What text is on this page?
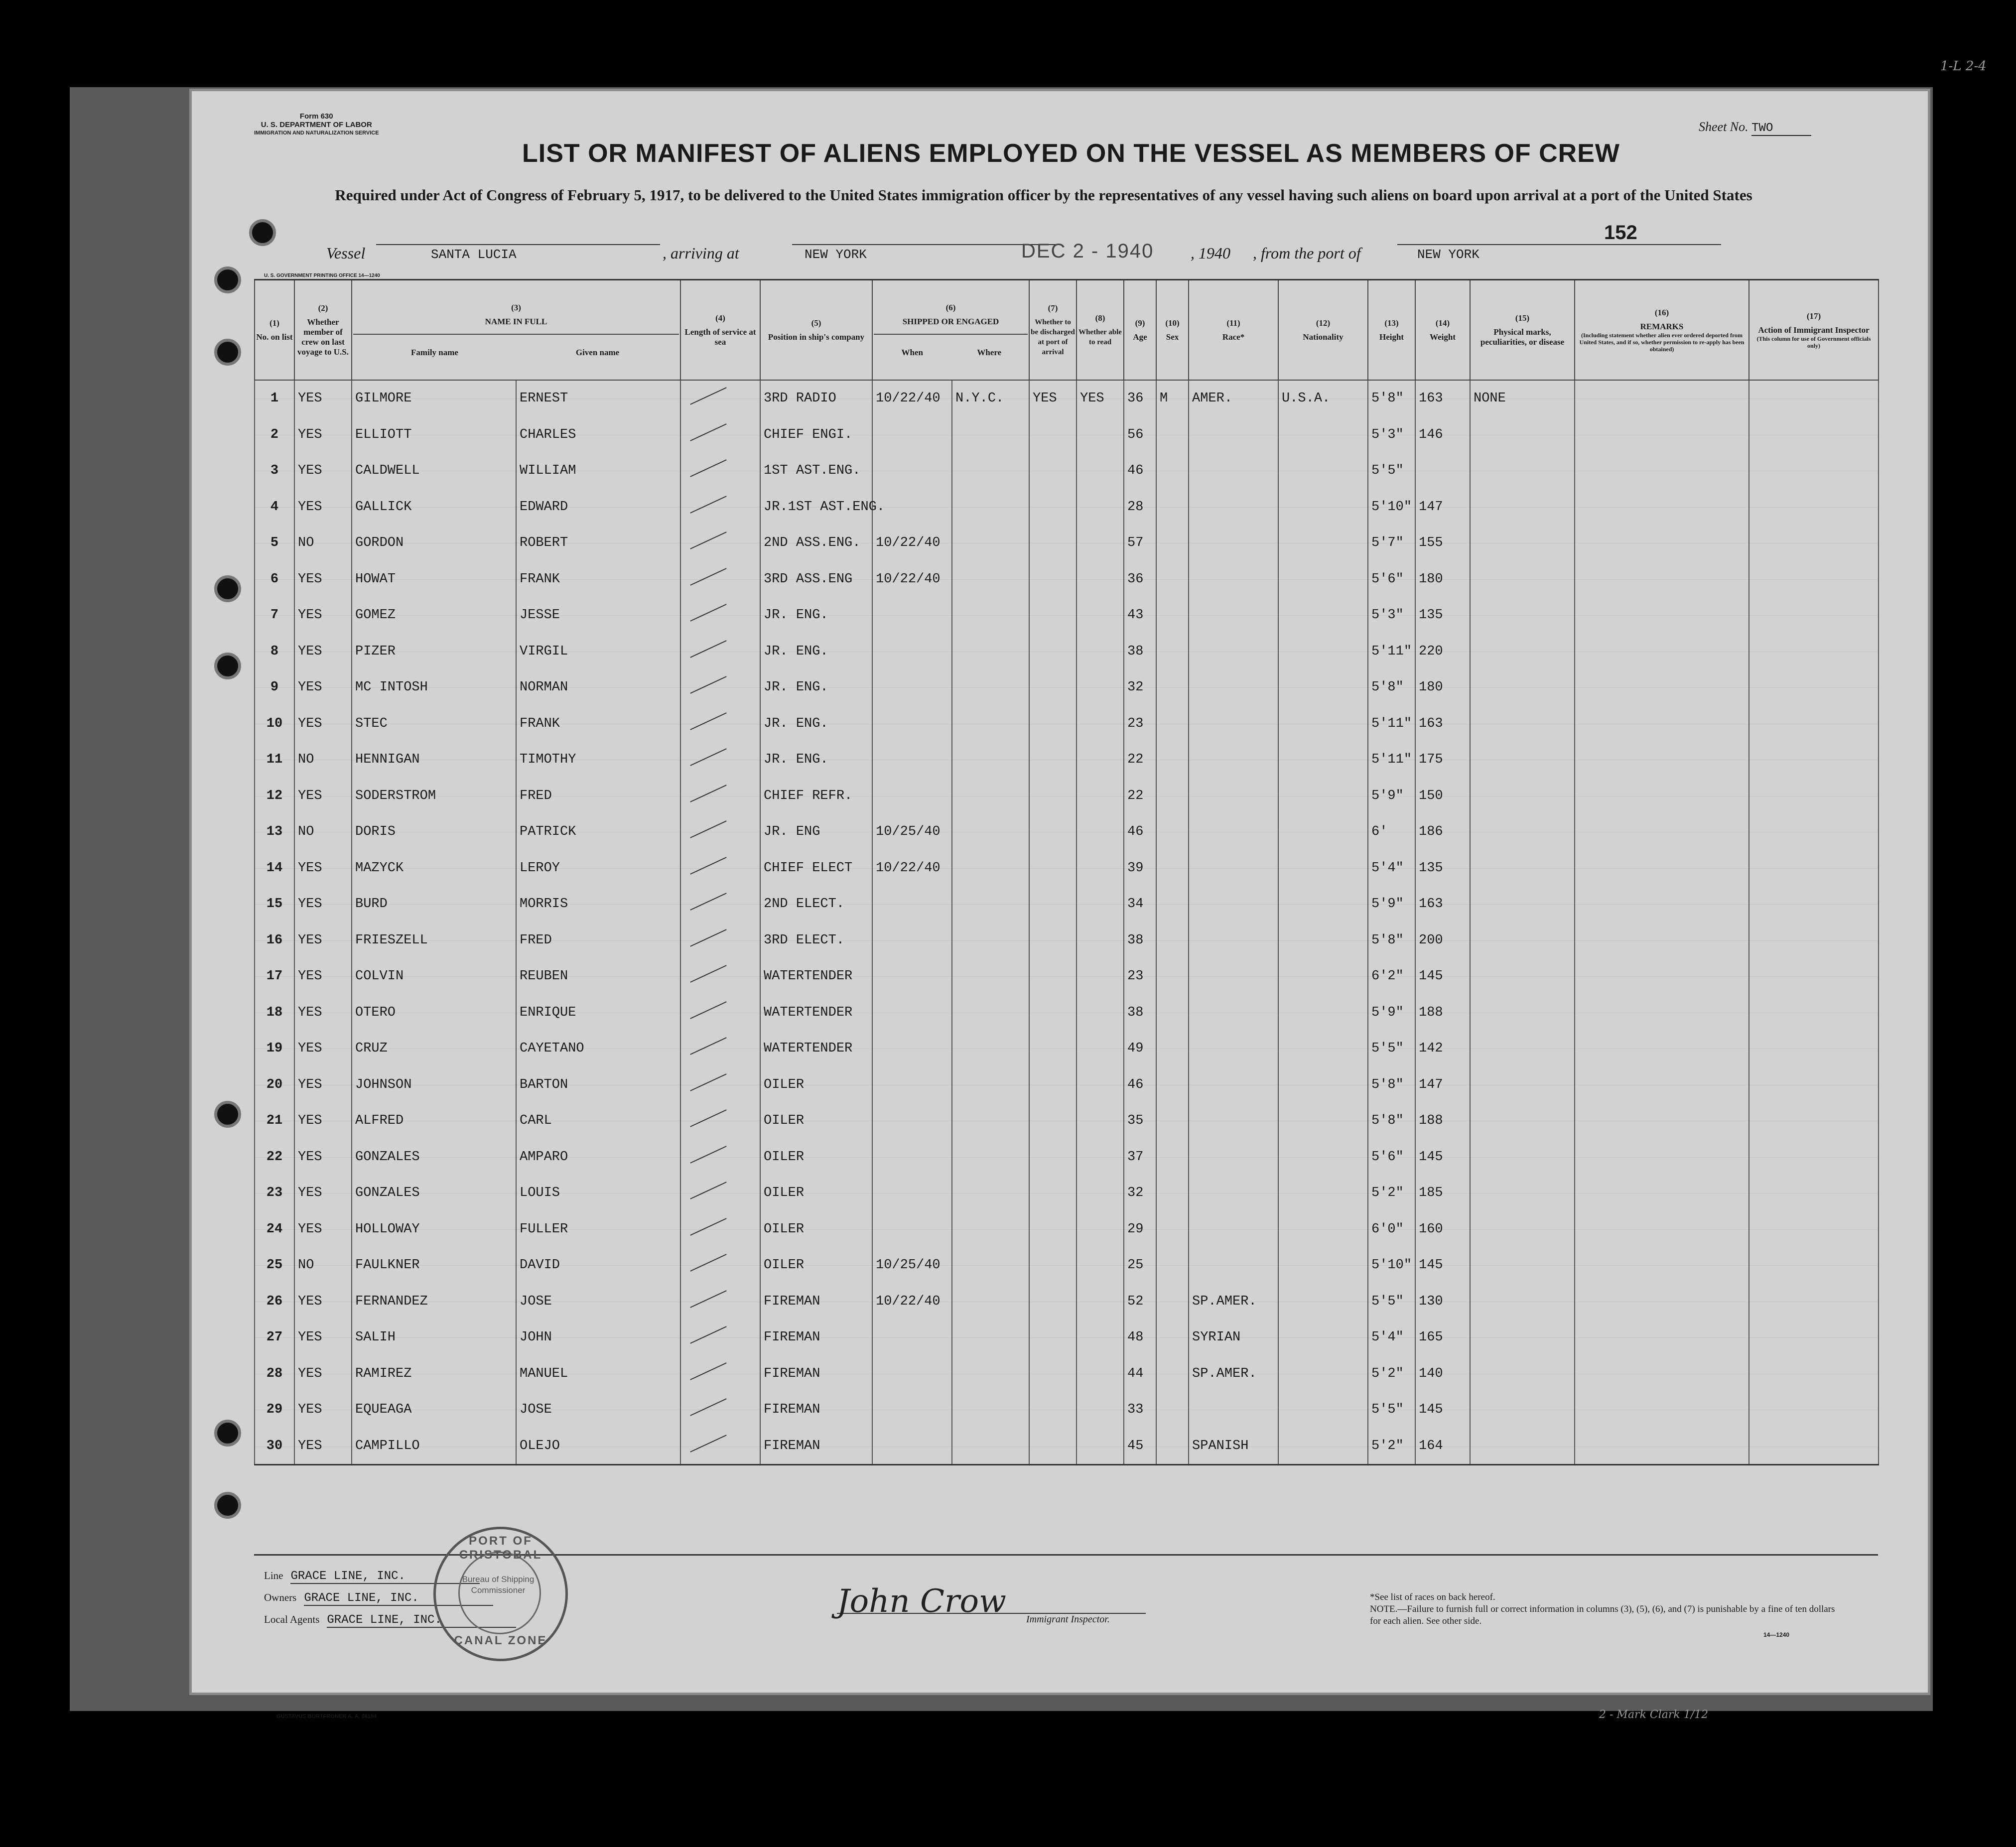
Form 630
U. S. DEPARTMENT OF LABOR
IMMIGRATION AND NATURALIZATION SERVICE	Sheet No. TWO
LIST OR MANIFEST OF ALIENS EMPLOYED ON THE VESSEL AS MEMBERS OF CREW
Required under Act of Congress of February 5, 1917, to be delivered to the United States immigration officer by the representatives of any vessel having such aliens on board upon arrival at a port of the United States
152
Vessel	SANTA LUCIA	, arriving at	NEW YORK	DEC 2 - 1940 , 1940 , from the port of	NEW YORK
U. S. GOVERNMENT PRINTING OFFICE 14—1240
(1)
No. on list	(2)
Whether member of crew on last voyage to U.S.	(3)
NAME IN FULL
Family name Given name		(4)
Length of service at sea	(5)
Position in ship's company	(6)
SHIPPED OR ENGAGED
When Where		(7)
Whether to be discharged at port of arrival	(8)
Whether able to read	(9)
Age	(10)
Sex	(11)
Race*	(12)
Nationality	(13)
Height	(14)
Weight	(15)
Physical marks, peculiarities, or disease	(16)
REMARKS
(Including statement whether alien ever ordered deported from United States, and if so, whether permission to re-apply has been obtained)	(17)
Action of Immigrant Inspector
(This column for use of Government officials only)

1	YES	GILMORE	ERNEST		3RD RADIO	10/22/40	N.Y.C.	YES	YES	36	M	AMER.	U.S.A.	5'8"	163	NONE		
2	YES	ELLIOTT	CHARLES		CHIEF ENGI.					56				5'3"	146			
3	YES	CALDWELL	WILLIAM		1ST AST.ENG.					46				5'5"				
4	YES	GALLICK	EDWARD		JR.1ST AST.ENG.					28				5'10"	147			
5	NO	GORDON	ROBERT		2ND ASS.ENG.	10/22/40				57				5'7"	155			
6	YES	HOWAT	FRANK		3RD ASS.ENG	10/22/40				36				5'6"	180			
7	YES	GOMEZ	JESSE		JR. ENG.					43				5'3"	135			
8	YES	PIZER	VIRGIL		JR. ENG.					38				5'11"	220			
9	YES	MC INTOSH	NORMAN		JR. ENG.					32				5'8"	180			
10	YES	STEC	FRANK		JR. ENG.					23				5'11"	163			
11	NO	HENNIGAN	TIMOTHY		JR. ENG.					22				5'11"	175			
12	YES	SODERSTROM	FRED		CHIEF REFR.					22				5'9"	150			
13	NO	DORIS	PATRICK		JR. ENG	10/25/40				46				6'	186			
14	YES	MAZYCK	LEROY		CHIEF ELECT	10/22/40				39				5'4"	135			
15	YES	BURD	MORRIS		2ND ELECT.					34				5'9"	163			
16	YES	FRIESZELL	FRED		3RD ELECT.					38				5'8"	200			
17	YES	COLVIN	REUBEN		WATERTENDER					23				6'2"	145			
18	YES	OTERO	ENRIQUE		WATERTENDER					38				5'9"	188			
19	YES	CRUZ	CAYETANO		WATERTENDER					49				5'5"	142			
20	YES	JOHNSON	BARTON		OILER					46				5'8"	147			
21	YES	ALFRED	CARL		OILER					35				5'8"	188			
22	YES	GONZALES	AMPARO		OILER					37				5'6"	145			
23	YES	GONZALES	LOUIS		OILER					32				5'2"	185			
24	YES	HOLLOWAY	FULLER		OILER					29				6'0"	160			
25	NO	FAULKNER	DAVID		OILER	10/25/40				25				5'10"	145			
26	YES	FERNANDEZ	JOSE		FIREMAN	10/22/40				52		SP.AMER.		5'5"	130			
27	YES	SALIH	JOHN		FIREMAN					48		SYRIAN		5'4"	165			
28	YES	RAMIREZ	MANUEL		FIREMAN					44		SP.AMER.		5'2"	140			
29	YES	EQUEAGA	JOSE		FIREMAN					33				5'5"	145			
30	YES	CAMPILLO	OLEJO		FIREMAN					45		SPANISH		5'2"	164			
Line GRACE LINE, INC.
Owners GRACE LINE, INC.
Local Agents GRACE LINE, INC.
PORT OF CRISTOBAL
Bureau of Shipping Commissioner
CANAL ZONE
John Crow	Immigrant Inspector.
*See list of races on back hereof.
NOTE.—Failure to furnish full or correct information in columns (3), (5), (6), and (7) is punishable by a fine of ten dollars for each alien. See other side.
14—1240
GUSTAVUS BORTFRONER A. A. 08194
1-L 2-4
2 - Mark Clark 1/12
